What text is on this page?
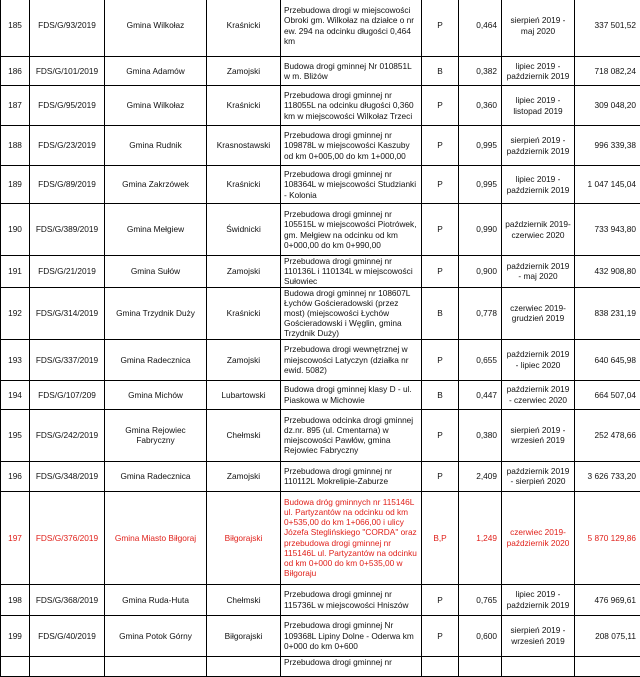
185	FDS/G/93/2019	Gmina Wilkołaz	Kraśnicki	Przebudowa drogi w miejscowości Obroki gm. Wilkołaz na działce o nr ew. 294 na odcinku długości 0,464 km	P	0,464	sierpień 2019 - maj 2020	337 501,52
186	FDS/G/101/2019	Gmina Adamów	Zamojski	Budowa drogi gminnej Nr 010851L w m. Bliżów	B	0,382	lipiec 2019 - październik 2019	718 082,24
187	FDS/G/95/2019	Gmina Wilkołaz	Kraśnicki	Przebudowa drogi gminnej nr 118055L na odcinku długości 0,360 km w miejscowości Wilkołaz Trzeci	P	0,360	lipiec 2019 - listopad 2019	309 048,20
188	FDS/G/23/2019	Gmina Rudnik	Krasnostawski	Przebudowa drogi gminnej nr 109878L w miejscowości Kaszuby od km 0+005,00 do km 1+000,00	P	0,995	sierpień 2019 - październik 2019	996 339,38
189	FDS/G/89/2019	Gmina Zakrzówek	Kraśnicki	Przebudowa drogi gminnej nr 108364L w miejscowości Studzianki - Kolonia	P	0,995	lipiec 2019 - październik 2019	1 047 145,04
190	FDS/G/389/2019	Gmina Mełgiew	Świdnicki	Przebudowa drogi gminnej nr 105515L w miejscowości Piotrówek, gm. Mełgiew na odcinku od km 0+000,00 do km 0+990,00	P	0,990	październik 2019- czerwiec 2020	733 943,80
191	FDS/G/21/2019	Gmina Sułów	Zamojski	Przebudowa drogi gminnej nr 110136L i 110134L w miejscowości Sułowiec	P	0,900	październik 2019 - maj 2020	432 908,80
192	FDS/G/314/2019	Gmina Trzydnik Duży	Kraśnicki	Budowa drogi gminnej nr 108607L Łychów Gościeradowski (przez most) (miejscowości Łychów Gościeradowski i Węglin, gmina Trzydnik Duży)	B	0,778	czerwiec 2019- grudzień 2019	838 231,19
193	FDS/G/337/2019	Gmina Radecznica	Zamojski	Przebudowa drogi wewnętrznej w miejscowości Latyczyn (działka nr ewid. 5082)	P	0,655	październik 2019 - lipiec 2020	640 645,98
194	FDS/G/107/209	Gmina Michów	Lubartowski	Budowa drogi gminnej klasy D - ul. Piaskowa w Michowie	B	0,447	październik 2019 - czerwiec 2020	664 507,04
195	FDS/G/242/2019	Gmina Rejowiec Fabryczny	Chełmski	Przebudowa odcinka drogi gminnej dz.nr. 895 (ul. Cmentarna) w miejscowości Pawłów, gmina Rejowiec Fabryczny	P	0,380	sierpień 2019 - wrzesień 2019	252 478,66
196	FDS/G/348/2019	Gmina Radecznica	Zamojski	Przebudowa drogi gminnej nr 110112L Mokrelipie-Zaburze	P	2,409	październik 2019 - sierpień 2020	3 626 733,20
197	FDS/G/376/2019	Gmina Miasto Biłgoraj	Biłgorajski	Budowa dróg gminnych nr 115146L ul. Partyzantów na odcinku od km 0+535,00 do km 1+066,00 i ulicy Józefa Steglińskiego "CORDA" oraz przebudowa drogi gminnej nr 115146L ul. Partyzantów na odcinku od km 0+000 do km 0+535,00 w Biłgoraju	B,P	1,249	czerwiec 2019- październik 2020	5 870 129,86
198	FDS/G/368/2019	Gmina Ruda-Huta	Chełmski	Przebudowa drogi gminnej nr 115736L w miejscowości Hniszów	P	0,765	lipiec 2019 - październik 2019	476 969,61
199	FDS/G/40/2019	Gmina Potok Górny	Biłgorajski	Przebudowa drogi gminnej Nr 109368L Lipiny Dolne - Oderwa km 0+000 do km 0+600	P	0,600	sierpień 2019 - wrzesień 2019	208 075,11
				Przebudowa drogi gminnej nr				
